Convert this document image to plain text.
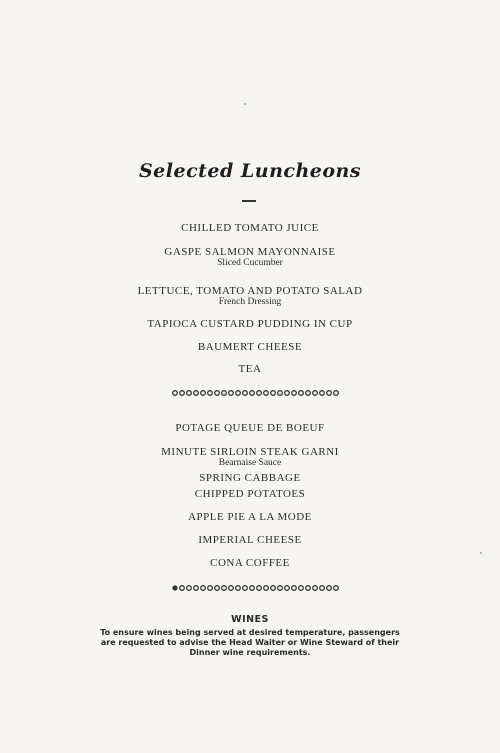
Selected Luncheons
CHILLED TOMATO JUICE
GASPE SALMON MAYONNAISE
Sliced Cucumber
LETTUCE, TOMATO AND POTATO SALAD
French Dressing
TAPIOCA CUSTARD PUDDING IN CUP
BAUMERT CHEESE
TEA
POTAGE QUEUE DE BOEUF
MINUTE SIRLOIN STEAK GARNI
Bearnaise Sauce
SPRING CABBAGE
CHIPPED POTATOES
APPLE PIE A LA MODE
IMPERIAL CHEESE
CONA COFFEE
WINES
To ensure wines being served at desired temperature, passengers are requested to advise the Head Waiter or Wine Steward of their Dinner wine requirements.
